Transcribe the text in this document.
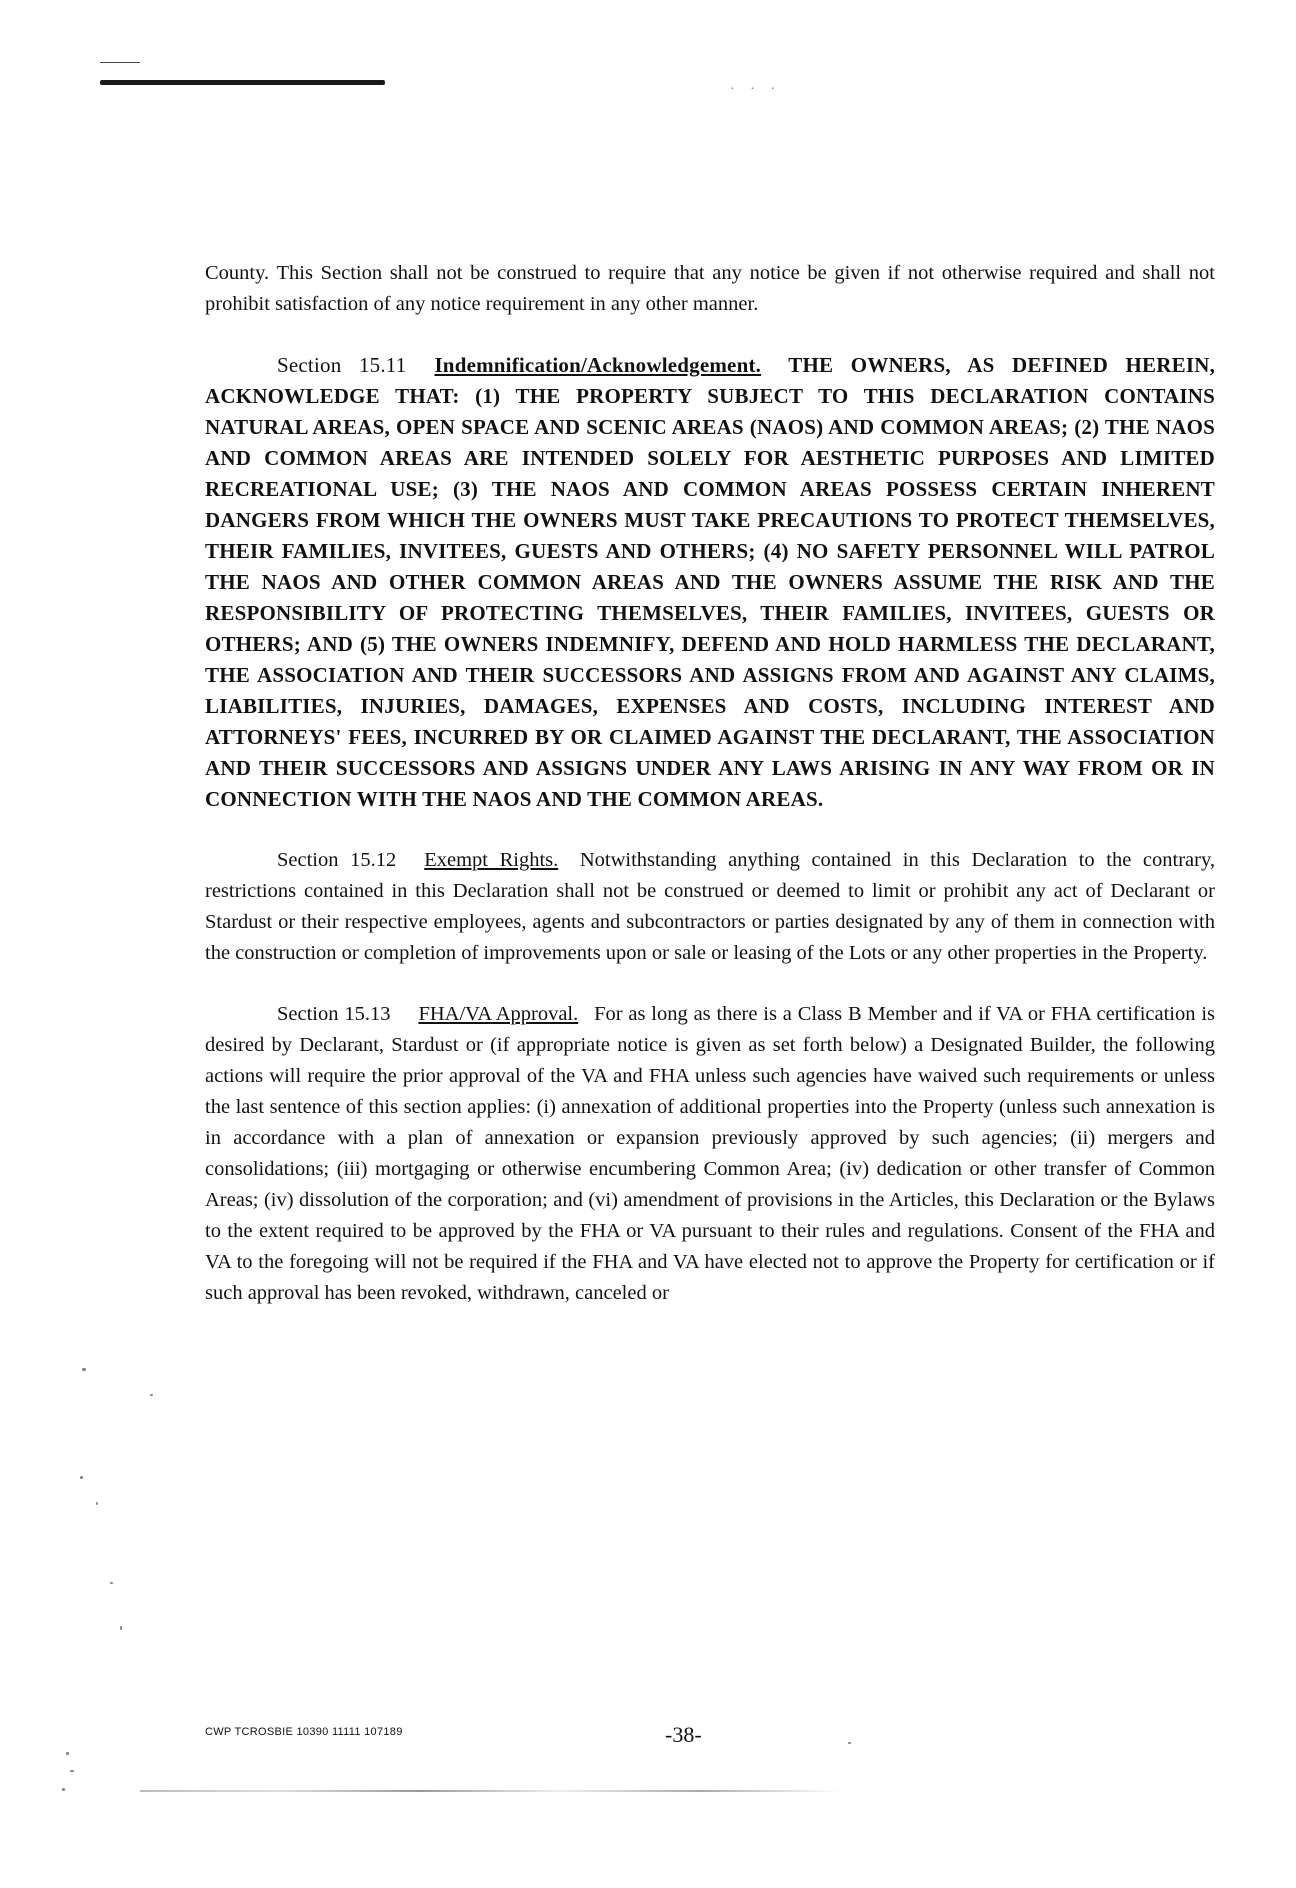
· · ·

County. This Section shall not be construed to require that any notice be given if not otherwise required and shall not prohibit satisfaction of any notice requirement in any other manner.

Section 15.11 Indemnification/Acknowledgement. THE OWNERS, AS DEFINED HEREIN, ACKNOWLEDGE THAT: (1) THE PROPERTY SUBJECT TO THIS DECLARATION CONTAINS NATURAL AREAS, OPEN SPACE AND SCENIC AREAS (NAOS) AND COMMON AREAS; (2) THE NAOS AND COMMON AREAS ARE INTENDED SOLELY FOR AESTHETIC PURPOSES AND LIMITED RECREATIONAL USE; (3) THE NAOS AND COMMON AREAS POSSESS CERTAIN INHERENT DANGERS FROM WHICH THE OWNERS MUST TAKE PRECAUTIONS TO PROTECT THEMSELVES, THEIR FAMILIES, INVITEES, GUESTS AND OTHERS; (4) NO SAFETY PERSONNEL WILL PATROL THE NAOS AND OTHER COMMON AREAS AND THE OWNERS ASSUME THE RISK AND THE RESPONSIBILITY OF PROTECTING THEMSELVES, THEIR FAMILIES, INVITEES, GUESTS OR OTHERS; AND (5) THE OWNERS INDEMNIFY, DEFEND AND HOLD HARMLESS THE DECLARANT, THE ASSOCIATION AND THEIR SUCCESSORS AND ASSIGNS FROM AND AGAINST ANY CLAIMS, LIABILITIES, INJURIES, DAMAGES, EXPENSES AND COSTS, INCLUDING INTEREST AND ATTORNEYS' FEES, INCURRED BY OR CLAIMED AGAINST THE DECLARANT, THE ASSOCIATION AND THEIR SUCCESSORS AND ASSIGNS UNDER ANY LAWS ARISING IN ANY WAY FROM OR IN CONNECTION WITH THE NAOS AND THE COMMON AREAS.

Section 15.12 Exempt Rights. Notwithstanding anything contained in this Declaration to the contrary, restrictions contained in this Declaration shall not be construed or deemed to limit or prohibit any act of Declarant or Stardust or their respective employees, agents and subcontractors or parties designated by any of them in connection with the construction or completion of improvements upon or sale or leasing of the Lots or any other properties in the Property.

Section 15.13 FHA/VA Approval. For as long as there is a Class B Member and if VA or FHA certification is desired by Declarant, Stardust or (if appropriate notice is given as set forth below) a Designated Builder, the following actions will require the prior approval of the VA and FHA unless such agencies have waived such requirements or unless the last sentence of this section applies: (i) annexation of additional properties into the Property (unless such annexation is in accordance with a plan of annexation or expansion previously approved by such agencies; (ii) mergers and consolidations; (iii) mortgaging or otherwise encumbering Common Area; (iv) dedication or other transfer of Common Areas; (iv) dissolution of the corporation; and (vi) amendment of provisions in the Articles, this Declaration or the Bylaws to the extent required to be approved by the FHA or VA pursuant to their rules and regulations. Consent of the FHA and VA to the foregoing will not be required if the FHA and VA have elected not to approve the Property for certification or if such approval has been revoked, withdrawn, canceled or

CWP TCROSBIE 10390 11111 107189	-38-
